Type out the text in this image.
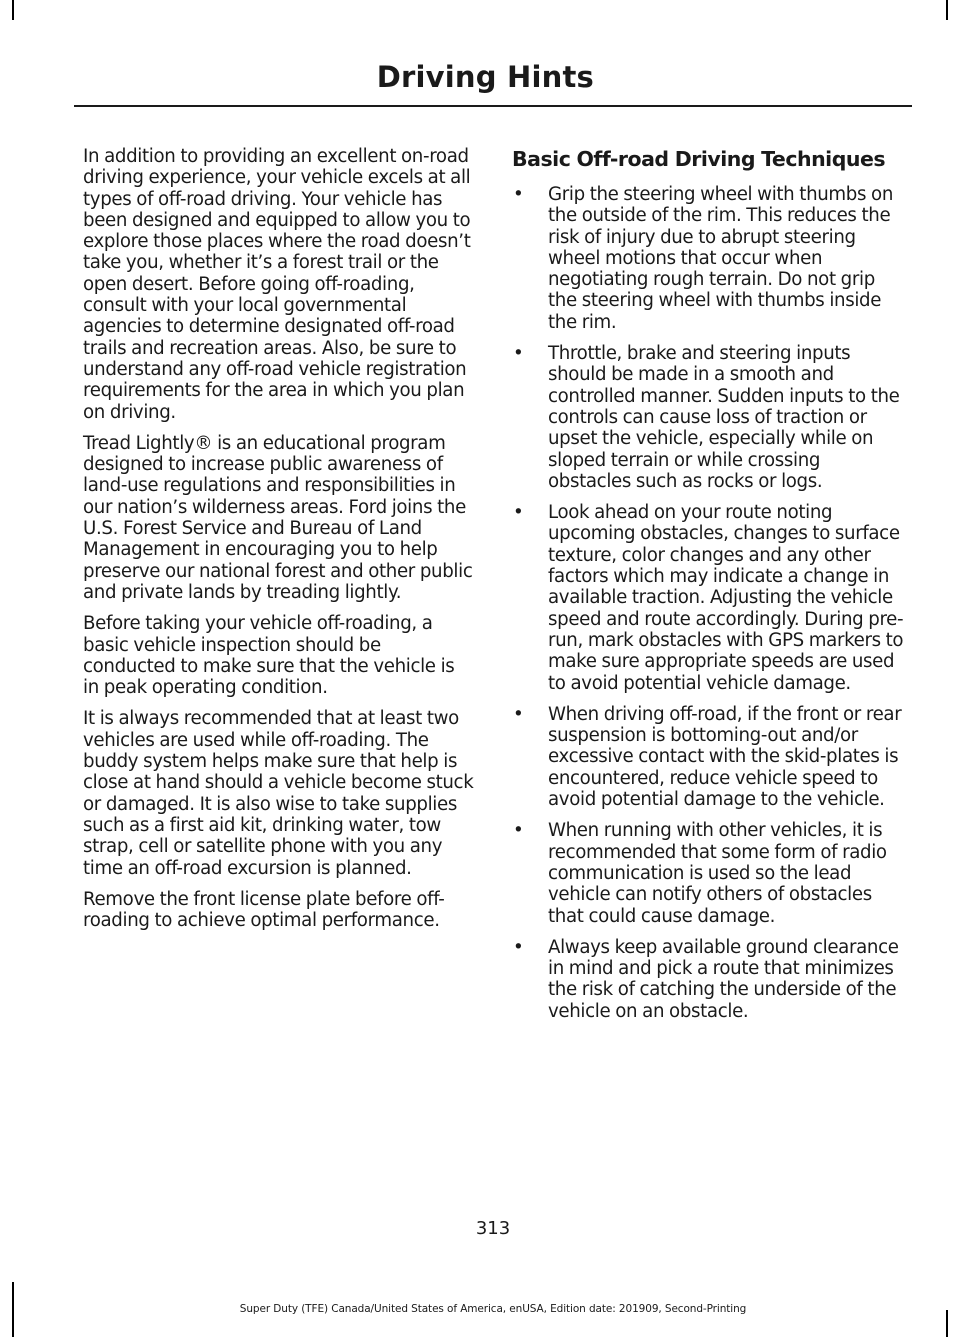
Driving Hints

In addition to providing an excellent on-road driving experience, your vehicle excels at all types of off-road driving. Your vehicle has been designed and equipped to allow you to explore those places where the road doesn’t take you, whether it’s a forest trail or the open desert. Before going off-roading, consult with your local governmental agencies to determine designated off-road trails and recreation areas. Also, be sure to understand any off-road vehicle registration requirements for the area in which you plan on driving.

Tread Lightly® is an educational program designed to increase public awareness of land-use regulations and responsibilities in our nation’s wilderness areas. Ford joins the U.S. Forest Service and Bureau of Land Management in encouraging you to help preserve our national forest and other public and private lands by treading lightly.

Before taking your vehicle off-roading, a basic vehicle inspection should be conducted to make sure that the vehicle is in peak operating condition.

It is always recommended that at least two vehicles are used while off-roading. The buddy system helps make sure that help is close at hand should a vehicle become stuck or damaged. It is also wise to take supplies such as a first aid kit, drinking water, tow strap, cell or satellite phone with you any time an off-road excursion is planned.

Remove the front license plate before off-roading to achieve optimal performance.

Basic Off-road Driving Techniques
• Grip the steering wheel with thumbs on the outside of the rim. This reduces the risk of injury due to abrupt steering wheel motions that occur when negotiating rough terrain. Do not grip the steering wheel with thumbs inside the rim.
• Throttle, brake and steering inputs should be made in a smooth and controlled manner. Sudden inputs to the controls can cause loss of traction or upset the vehicle, especially while on sloped terrain or while crossing obstacles such as rocks or logs.
• Look ahead on your route noting upcoming obstacles, changes to surface texture, color changes and any other factors which may indicate a change in available traction. Adjusting the vehicle speed and route accordingly. During pre-run, mark obstacles with GPS markers to make sure appropriate speeds are used to avoid potential vehicle damage.
• When driving off-road, if the front or rear suspension is bottoming-out and/or excessive contact with the skid-plates is encountered, reduce vehicle speed to avoid potential damage to the vehicle.
• When running with other vehicles, it is recommended that some form of radio communication is used so the lead vehicle can notify others of obstacles that could cause damage.
• Always keep available ground clearance in mind and pick a route that minimizes the risk of catching the underside of the vehicle on an obstacle.
313
Super Duty (TFE) Canada/United States of America, enUSA, Edition date: 201909, Second-Printing
